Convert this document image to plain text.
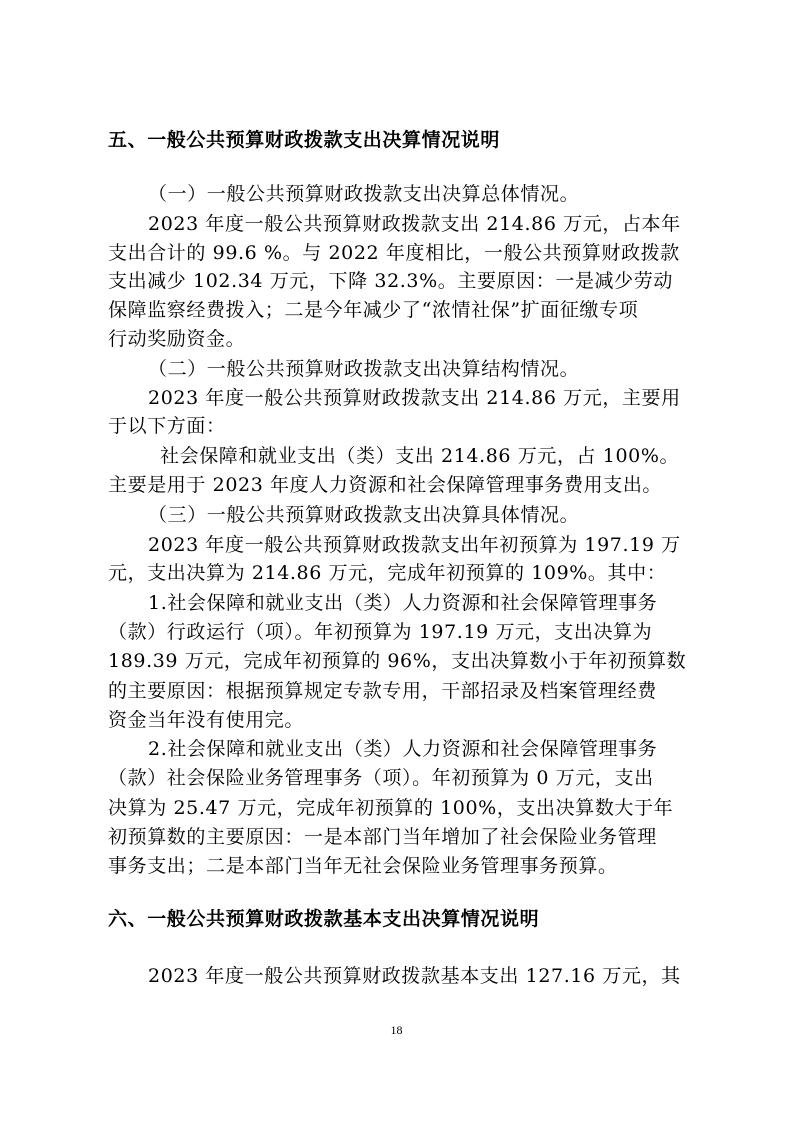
五、一般公共预算财政拨款支出决算情况说明
（一）一般公共预算财政拨款支出决算总体情况。
2023 年度一般公共预算财政拨款支出 214.86 万元，占本年
支出合计的 99.6 %。与 2022 年度相比，一般公共预算财政拨款
支出减少 102.34 万元，下降 32.3%。主要原因：一是减少劳动
保障监察经费拨入；二是今年减少了“浓情社保”扩面征缴专项
行动奖励资金。
（二）一般公共预算财政拨款支出决算结构情况。
2023 年度一般公共预算财政拨款支出 214.86 万元，主要用
于以下方面：
社会保障和就业支出（类）支出 214.86 万元，占 100%。
主要是用于 2023 年度人力资源和社会保障管理事务费用支出。
（三）一般公共预算财政拨款支出决算具体情况。
2023 年度一般公共预算财政拨款支出年初预算为 197.19 万
元，支出决算为 214.86 万元，完成年初预算的 109%。其中：
1.社会保障和就业支出（类）人力资源和社会保障管理事务
（款）行政运行（项）。年初预算为 197.19 万元，支出决算为
189.39 万元，完成年初预算的 96%，支出决算数小于年初预算数
的主要原因：根据预算规定专款专用，干部招录及档案管理经费
资金当年没有使用完。
2.社会保障和就业支出（类）人力资源和社会保障管理事务
（款）社会保险业务管理事务（项）。年初预算为 0 万元，支出
决算为 25.47 万元，完成年初预算的 100%，支出决算数大于年
初预算数的主要原因：一是本部门当年增加了社会保险业务管理
事务支出；二是本部门当年无社会保险业务管理事务预算。
六、一般公共预算财政拨款基本支出决算情况说明
2023 年度一般公共预算财政拨款基本支出 127.16 万元，其
18
